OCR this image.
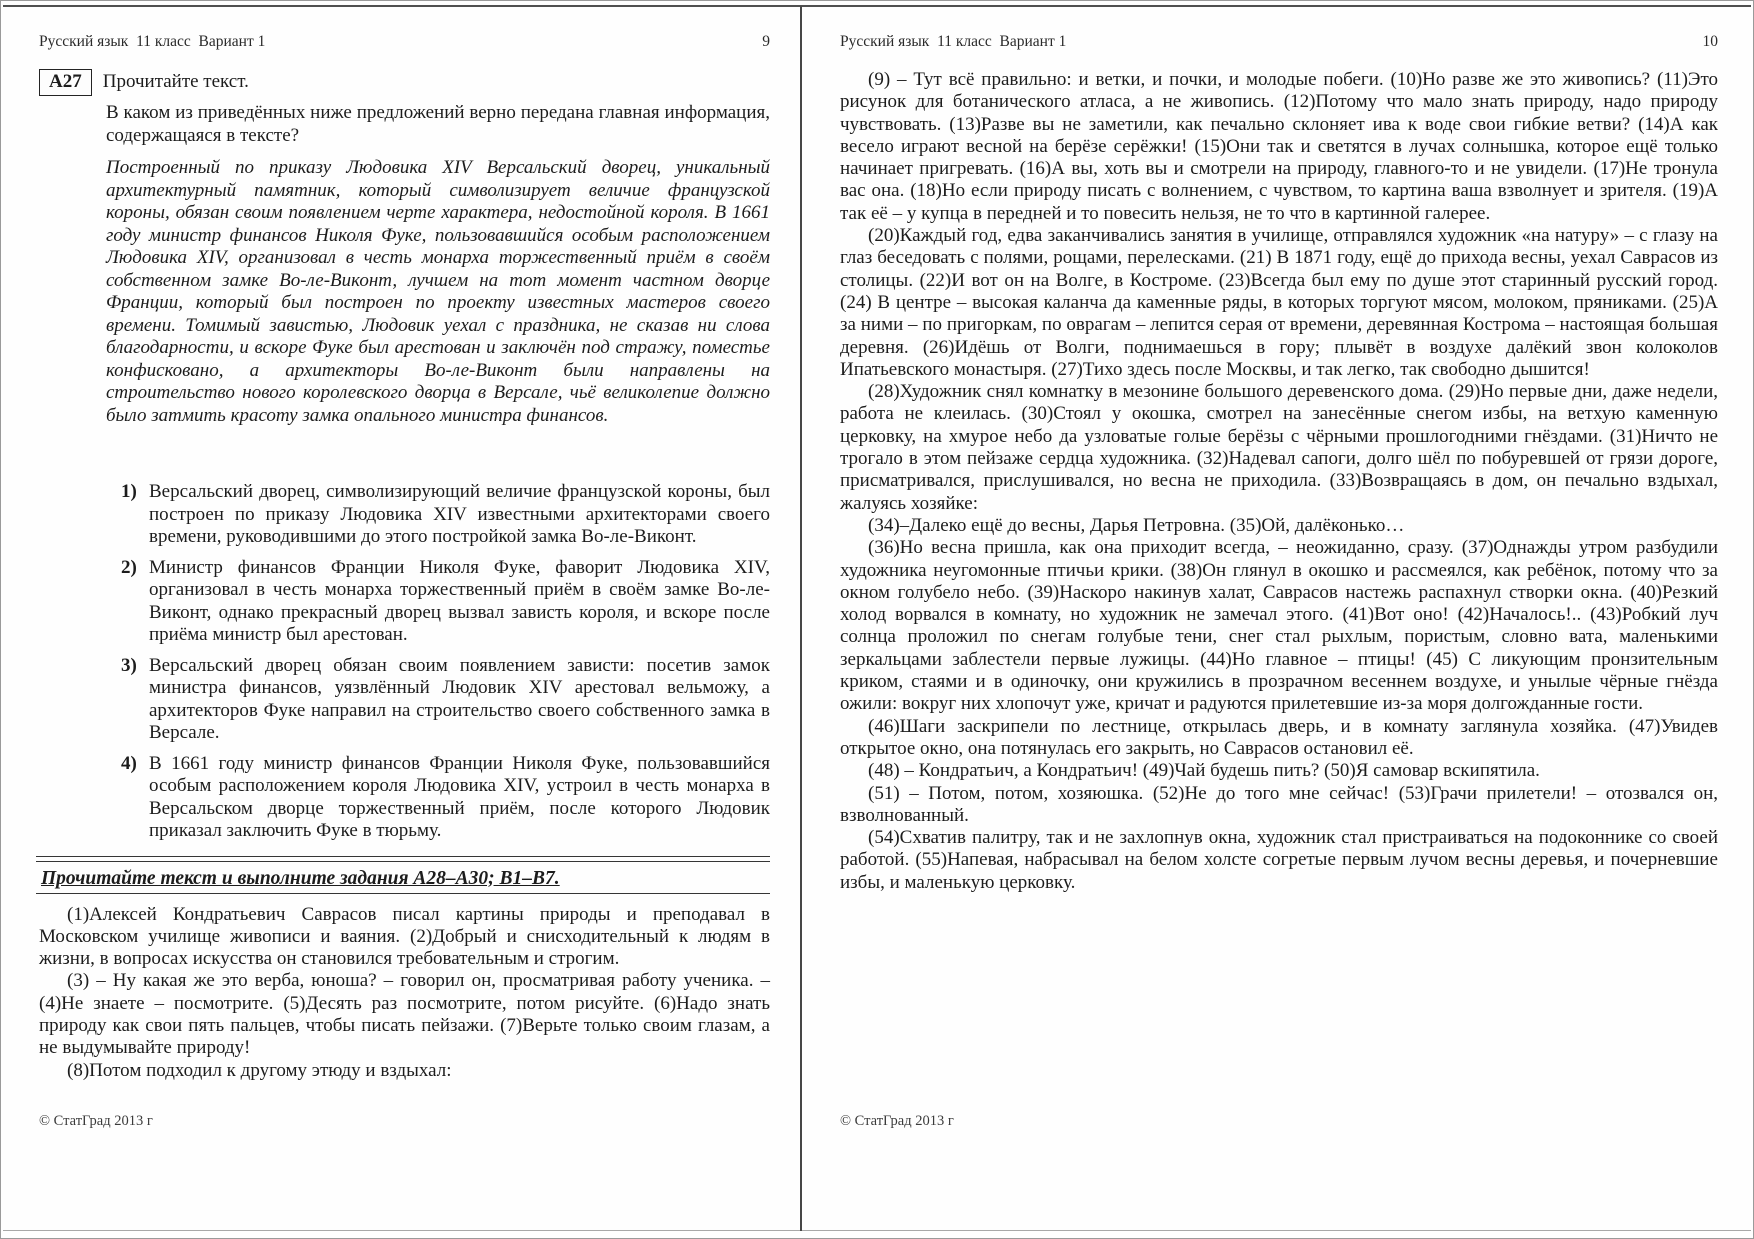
Русский язык  11 класс  Вариант 1	9
А27	Прочитайте текст.

В каком из приведённых ниже предложений верно передана главная информация, содержащаяся в тексте?

Построенный по приказу Людовика XIV Версальский дворец, уникальный архитектурный памятник, который символизирует величие французской короны, обязан своим появлением черте характера, недостойной короля. В 1661 году министр финансов Николя Фуке, пользовавшийся особым расположением Людовика XIV, организовал в честь монарха торжественный приём в своём собственном замке Во-ле-Виконт, лучшем на тот момент частном дворце Франции, который был построен по проекту известных мастеров своего времени. Томимый завистью, Людовик уехал с праздника, не сказав ни слова благодарности, и вскоре Фуке был арестован и заключён под стражу, поместье конфисковано, а архитекторы Во-ле-Виконт были направлены на строительство нового королевского дворца в Версале, чьё великолепие должно было затмить красоту замка опального министра финансов.

1) Версальский дворец, символизирующий величие французской короны, был построен по приказу Людовика XIV известными архитекторами своего времени, руководившими до этого постройкой замка Во-ле-Виконт.
2) Министр финансов Франции Николя Фуке, фаворит Людовика XIV, организовал в честь монарха торжественный приём в своём замке Во-ле-Виконт, однако прекрасный дворец вызвал зависть короля, и вскоре после приёма министр был арестован.
3) Версальский дворец обязан своим появлением зависти: посетив замок министра финансов, уязвлённый Людовик XIV арестовал вельможу, а архитекторов Фуке направил на строительство своего собственного замка в Версале.
4) В 1661 году министр финансов Франции Николя Фуке, пользовавшийся особым расположением короля Людовика XIV, устроил в честь монарха в Версальском дворце торжественный приём, после которого Людовик приказал заключить Фуке в тюрьму.

Прочитайте текст и выполните задания А28–А30; В1–В7.

(1)Алексей Кондратьевич Саврасов писал картины природы и преподавал в Московском училище живописи и ваяния. (2)Добрый и снисходительный к людям в жизни, в вопросах искусства он становился требовательным и строгим.

(3) – Ну какая же это верба, юноша? – говорил он, просматривая работу ученика. – (4)Не знаете – посмотрите. (5)Десять раз посмотрите, потом рисуйте. (6)Надо знать природу как свои пять пальцев, чтобы писать пейзажи. (7)Верьте только своим глазам, а не выдумывайте природу!

(8)Потом подходил к другому этюду и вздыхал:

© СтатГрад 2013 г
Русский язык  11 класс  Вариант 1	10

(9) – Тут всё правильно: и ветки, и почки, и молодые побеги. (10)Но разве же это живопись? (11)Это рисунок для ботанического атласа, а не живопись. (12)Потому что мало знать природу, надо природу чувствовать. (13)Разве вы не заметили, как печально склоняет ива к воде свои гибкие ветви? (14)А как весело играют весной на берёзе серёжки! (15)Они так и светятся в лучах солнышка, которое ещё только начинает пригревать. (16)А вы, хоть вы и смотрели на природу, главного-то и не увидели. (17)Не тронула вас она. (18)Но если природу писать с волнением, с чувством, то картина ваша взволнует и зрителя. (19)А так её – у купца в передней и то повесить нельзя, не то что в картинной галерее.

(20)Каждый год, едва заканчивались занятия в училище, отправлялся художник «на натуру» – с глазу на глаз беседовать с полями, рощами, перелесками. (21) В 1871 году, ещё до прихода весны, уехал Саврасов из столицы. (22)И вот он на Волге, в Костроме. (23)Всегда был ему по душе этот старинный русский город. (24) В центре – высокая каланча да каменные ряды, в которых торгуют мясом, молоком, пряниками. (25)А за ними – по пригоркам, по оврагам – лепится серая от времени, деревянная Кострома – настоящая большая деревня. (26)Идёшь от Волги, поднимаешься в гору; плывёт в воздухе далёкий звон колоколов Ипатьевского монастыря. (27)Тихо здесь после Москвы, и так легко, так свободно дышится!

(28)Художник снял комнатку в мезонине большого деревенского дома. (29)Но первые дни, даже недели, работа не клеилась. (30)Стоял у окошка, смотрел на занесённые снегом избы, на ветхую каменную церковку, на хмурое небо да узловатые голые берёзы с чёрными прошлогодними гнёздами. (31)Ничто не трогало в этом пейзаже сердца художника. (32)Надевал сапоги, долго шёл по побуревшей от грязи дороге, присматривался, прислушивался, но весна не приходила. (33)Возвращаясь в дом, он печально вздыхал, жалуясь хозяйке:

(34)–Далеко ещё до весны, Дарья Петровна. (35)Ой, далёконько…

(36)Но весна пришла, как она приходит всегда, – неожиданно, сразу. (37)Однажды утром разбудили художника неугомонные птичьи крики. (38)Он глянул в окошко и рассмеялся, как ребёнок, потому что за окном голубело небо. (39)Наскоро накинув халат, Саврасов настежь распахнул створки окна. (40)Резкий холод ворвался в комнату, но художник не замечал этого. (41)Вот оно! (42)Началось!.. (43)Робкий луч солнца проложил по снегам голубые тени, снег стал рыхлым, пористым, словно вата, маленькими зеркальцами заблестели первые лужицы. (44)Но главное – птицы! (45) С ликующим пронзительным криком, стаями и в одиночку, они кружились в прозрачном весеннем воздухе, и унылые чёрные гнёзда ожили: вокруг них хлопочут уже, кричат и радуются прилетевшие из-за моря долгожданные гости.

(46)Шаги заскрипели по лестнице, открылась дверь, и в комнату заглянула хозяйка. (47)Увидев открытое окно, она потянулась его закрыть, но Саврасов остановил её.

(48) – Кондратьич, а Кондратьич! (49)Чай будешь пить? (50)Я самовар вскипятила.

(51) – Потом, потом, хозяюшка. (52)Не до того мне сейчас! (53)Грачи прилетели! – отозвался он, взволнованный.

(54)Схватив палитру, так и не захлопнув окна, художник стал пристраиваться на подоконнике со своей работой. (55)Напевая, набрасывал на белом холсте согретые первым лучом весны деревья, и почерневшие избы, и маленькую церковку.

© СтатГрад 2013 г
